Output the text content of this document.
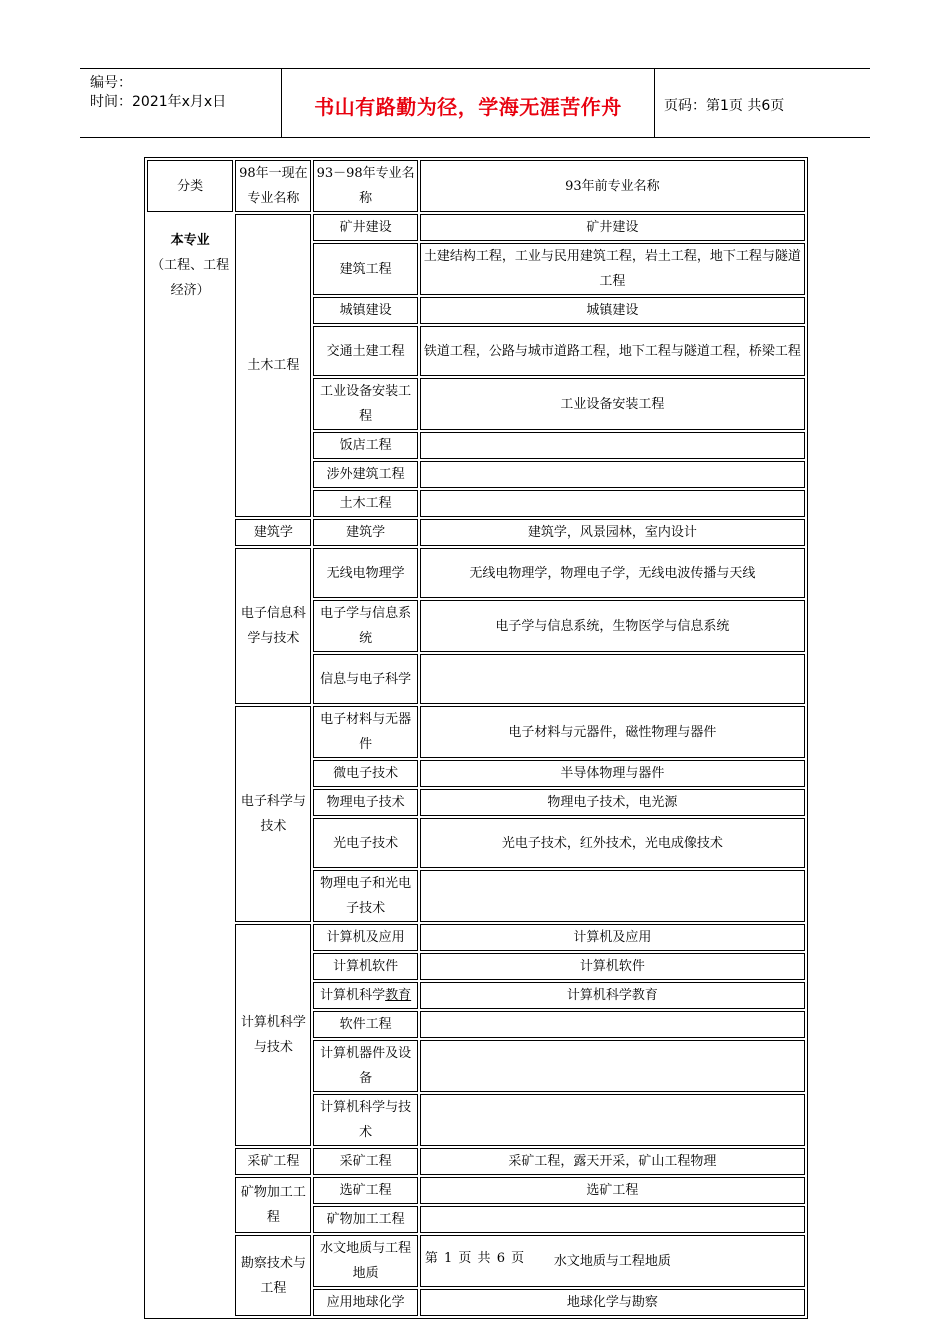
编号：
时间：2021年x月x日	书山有路勤为径，学海无涯苦作舟	页码：第1页 共6页
分类	98年一现在专业名称	93－98年专业名称	93年前专业名称

本专业
（工程、工程经济）	土木工程	矿井建设	矿井建设
		建筑工程	土建结构工程，工业与民用建筑工程，岩土工程，地下工程与隧道工程
		城镇建设	城镇建设
		交通土建工程	铁道工程，公路与城市道路工程，地下工程与隧道工程，桥梁工程
		工业设备安装工程	工业设备安装工程
		饭店工程	
		涉外建筑工程	
		土木工程	
	建筑学	建筑学	建筑学，风景园林，室内设计
	电子信息科学与技术	无线电物理学	无线电物理学，物理电子学，无线电波传播与天线
		电子学与信息系统	电子学与信息系统，生物医学与信息系统
		信息与电子科学	
	电子科学与技术	电子材料与无器件	电子材料与元器件，磁性物理与器件
		微电子技术	半导体物理与器件
		物理电子技术	物理电子技术，电光源
		光电子技术	光电子技术，红外技术，光电成像技术
		物理电子和光电子技术	
	计算机科学与技术	计算机及应用	计算机及应用
		计算机软件	计算机软件
		计算机科学教育	计算机科学教育
		软件工程	
		计算机器件及设备	
		计算机科学与技术	
	采矿工程	采矿工程	采矿工程，露天开采，矿山工程物理
	矿物加工工程	选矿工程	选矿工程
		矿物加工工程	
	勘察技术与工程	水文地质与工程地质	水文地质与工程地质
		应用地球化学	地球化学与勘察
第 1 页 共 6 页
